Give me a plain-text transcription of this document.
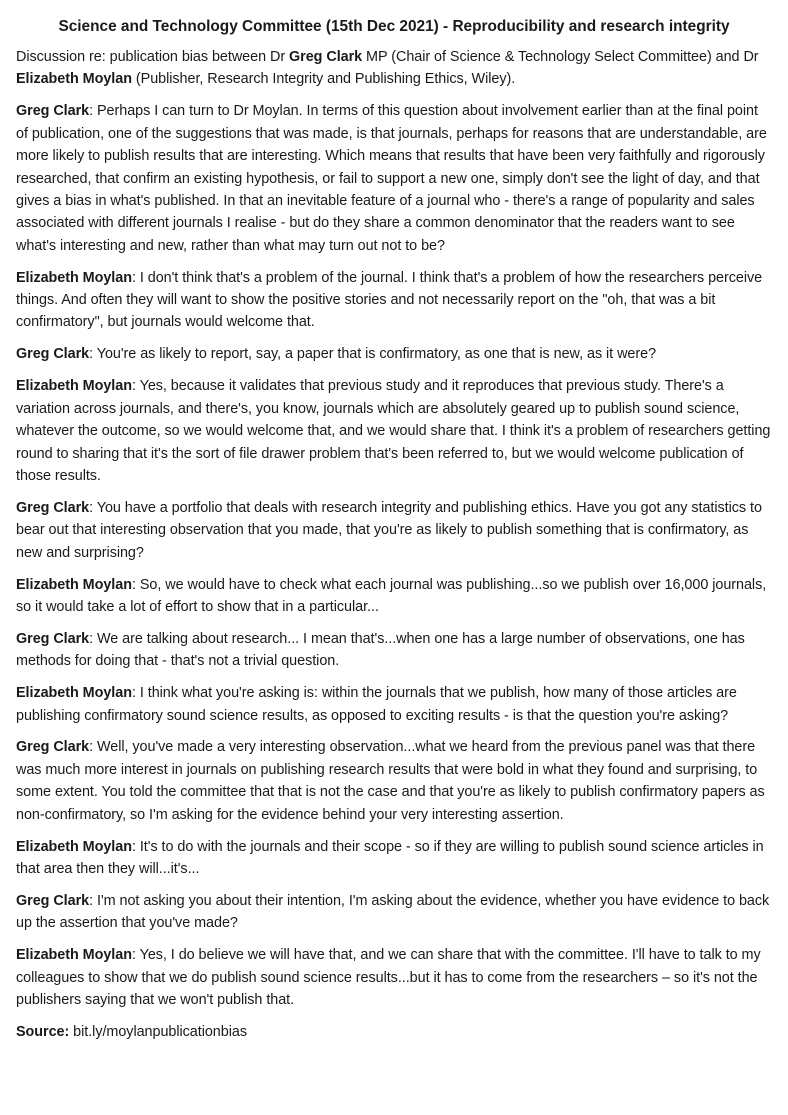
Science and Technology Committee (15th Dec 2021) - Reproducibility and research integrity
Discussion re: publication bias between Dr Greg Clark MP (Chair of Science & Technology Select Committee) and Dr Elizabeth Moylan (Publisher, Research Integrity and Publishing Ethics, Wiley).
Greg Clark: Perhaps I can turn to Dr Moylan. In terms of this question about involvement earlier than at the final point of publication, one of the suggestions that was made, is that journals, perhaps for reasons that are understandable, are more likely to publish results that are interesting. Which means that results that have been very faithfully and rigorously researched, that confirm an existing hypothesis, or fail to support a new one, simply don't see the light of day, and that gives a bias in what's published. In that an inevitable feature of a journal who - there's a range of popularity and sales associated with different journals I realise - but do they share a common denominator that the readers want to see what's interesting and new, rather than what may turn out not to be?
Elizabeth Moylan: I don't think that's a problem of the journal. I think that's a problem of how the researchers perceive things. And often they will want to show the positive stories and not necessarily report on the "oh, that was a bit confirmatory", but journals would welcome that.
Greg Clark: You're as likely to report, say, a paper that is confirmatory, as one that is new, as it were?
Elizabeth Moylan: Yes, because it validates that previous study and it reproduces that previous study. There's a variation across journals, and there's, you know, journals which are absolutely geared up to publish sound science, whatever the outcome, so we would welcome that, and we would share that. I think it's a problem of researchers getting round to sharing that it's the sort of file drawer problem that's been referred to, but we would welcome publication of those results.
Greg Clark: You have a portfolio that deals with research integrity and publishing ethics. Have you got any statistics to bear out that interesting observation that you made, that you're as likely to publish something that is confirmatory, as new and surprising?
Elizabeth Moylan: So, we would have to check what each journal was publishing...so we publish over 16,000 journals, so it would take a lot of effort to show that in a particular...
Greg Clark: We are talking about research... I mean that's...when one has a large number of observations, one has methods for doing that - that's not a trivial question.
Elizabeth Moylan: I think what you're asking is: within the journals that we publish, how many of those articles are publishing confirmatory sound science results, as opposed to exciting results - is that the question you're asking?
Greg Clark: Well, you've made a very interesting observation...what we heard from the previous panel was that there was much more interest in journals on publishing research results that were bold in what they found and surprising, to some extent. You told the committee that that is not the case and that you're as likely to publish confirmatory papers as non-confirmatory, so I'm asking for the evidence behind your very interesting assertion.
Elizabeth Moylan: It's to do with the journals and their scope - so if they are willing to publish sound science articles in that area then they will...it's...
Greg Clark: I'm not asking you about their intention, I'm asking about the evidence, whether you have evidence to back up the assertion that you've made?
Elizabeth Moylan: Yes, I do believe we will have that, and we can share that with the committee. I'll have to talk to my colleagues to show that we do publish sound science results...but it has to come from the researchers – so it's not the publishers saying that we won't publish that.
Source: bit.ly/moylanpublicationbias
